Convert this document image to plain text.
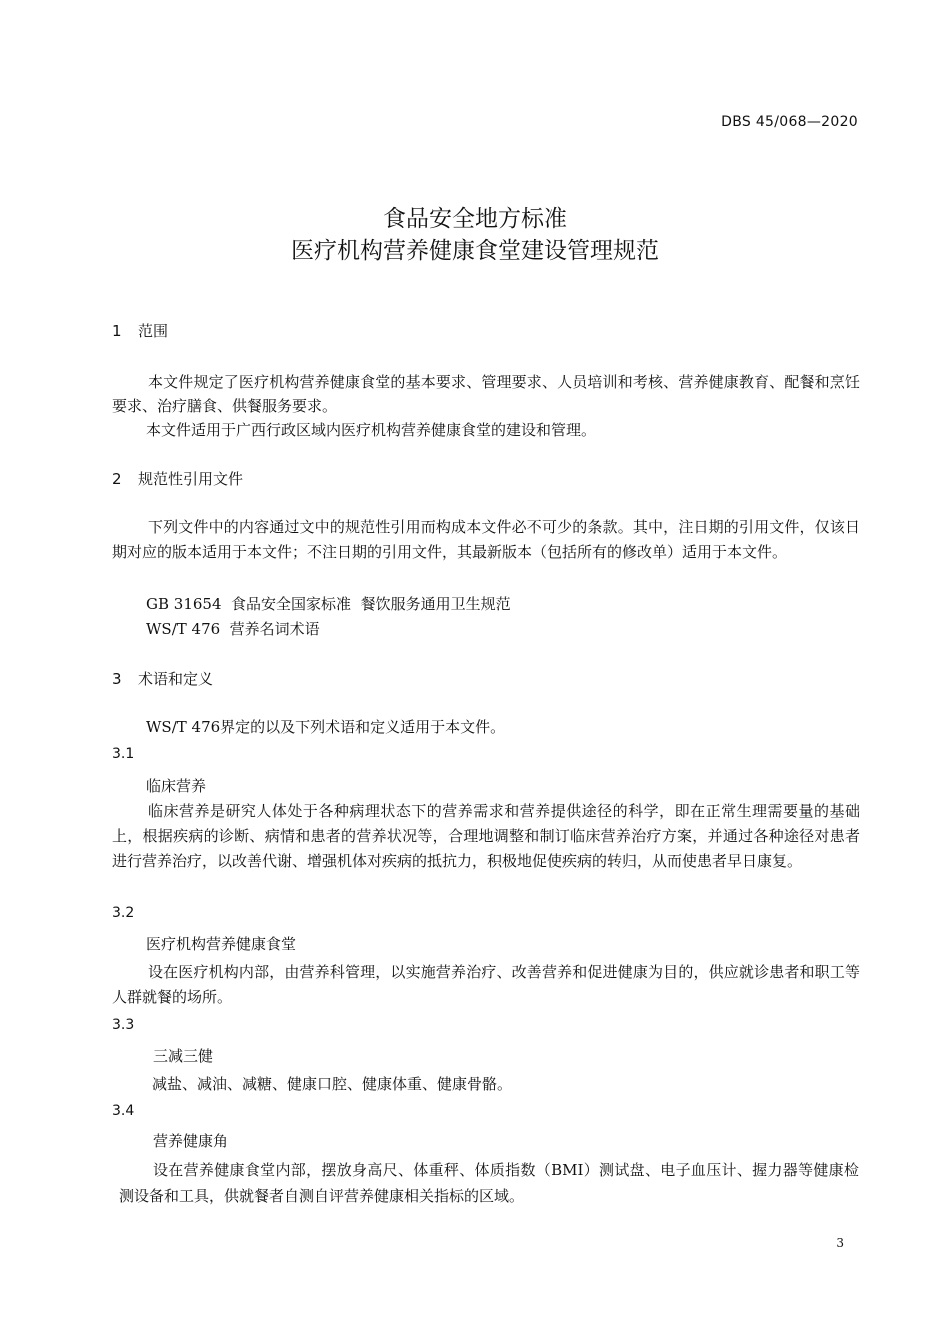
DBS 45/068—2020
食品安全地方标准
医疗机构营养健康食堂建设管理规范
1 范围
本文件规定了医疗机构营养健康食堂的基本要求、管理要求、人员培训和考核、营养健康教育、配餐和烹饪要求、治疗膳食、供餐服务要求。
本文件适用于广西行政区域内医疗机构营养健康食堂的建设和管理。
2 规范性引用文件
下列文件中的内容通过文中的规范性引用而构成本文件必不可少的条款。其中，注日期的引用文件，仅该日期对应的版本适用于本文件；不注日期的引用文件，其最新版本（包括所有的修改单）适用于本文件。
GB 31654  食品安全国家标准  餐饮服务通用卫生规范
WS/T 476  营养名词术语
3 术语和定义
WS/T 476界定的以及下列术语和定义适用于本文件。
3.1
临床营养
临床营养是研究人体处于各种病理状态下的营养需求和营养提供途径的科学，即在正常生理需要量的基础上，根据疾病的诊断、病情和患者的营养状况等，合理地调整和制订临床营养治疗方案，并通过各种途径对患者进行营养治疗，以改善代谢、增强机体对疾病的抵抗力，积极地促使疾病的转归，从而使患者早日康复。
3.2
医疗机构营养健康食堂
设在医疗机构内部，由营养科管理，以实施营养治疗、改善营养和促进健康为目的，供应就诊患者和职工等人群就餐的场所。
3.3
三减三健
减盐、减油、减糖、健康口腔、健康体重、健康骨骼。
3.4
营养健康角
设在营养健康食堂内部，摆放身高尺、体重秤、体质指数（BMI）测试盘、电子血压计、握力器等健康检测设备和工具，供就餐者自测自评营养健康相关指标的区域。
3
